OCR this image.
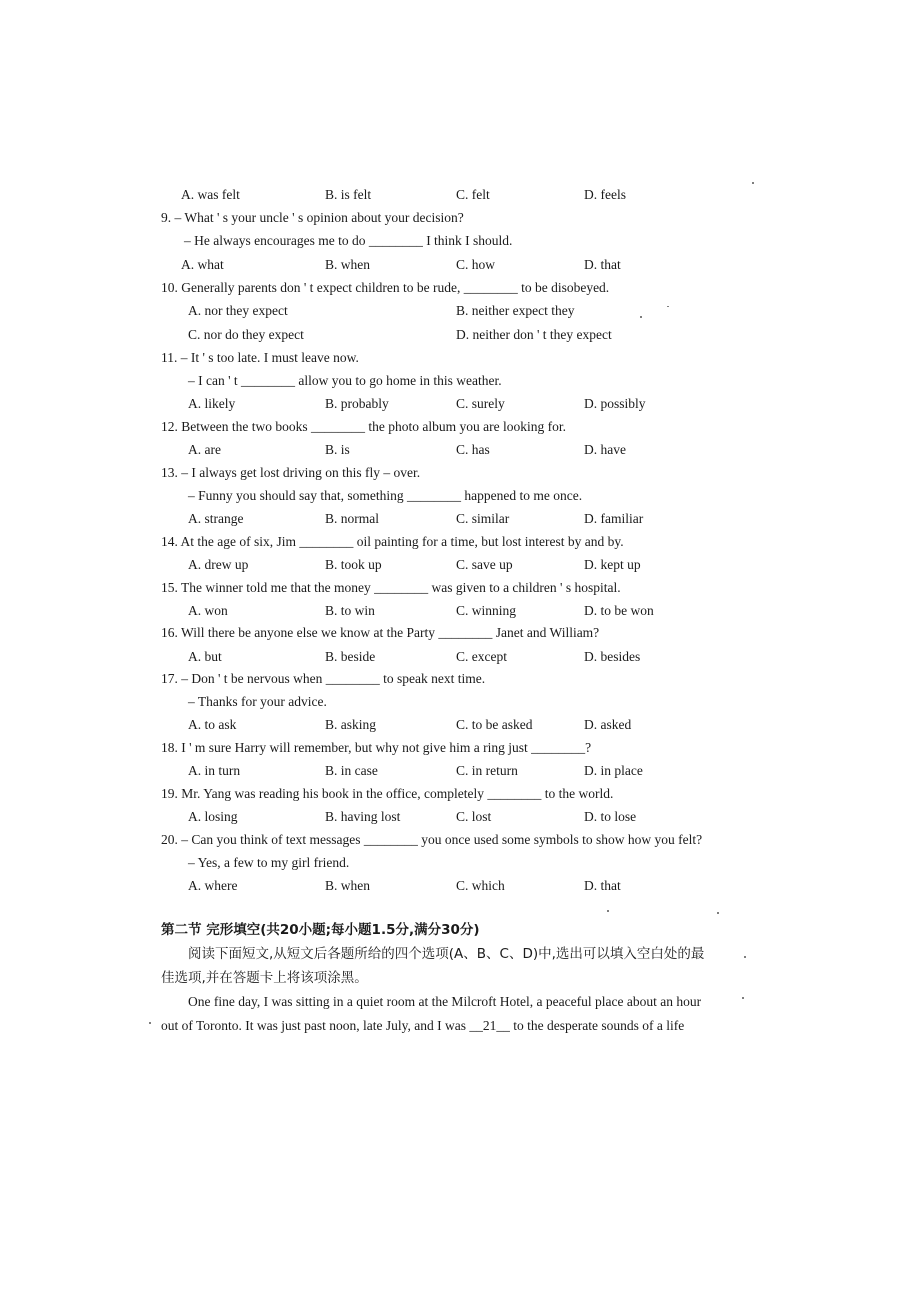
A. was felt	B. is felt	C. felt	D. feels
9. – What ' s your uncle ' s opinion about your decision?
– He always encourages me to do ________ I think I should.
A. what	B. when	C. how	D. that
10. Generally parents don ' t expect children to be rude, ________ to be disobeyed.
A. nor they expect	B. neither expect they
C. nor do they expect	D. neither don ' t they expect
11. – It ' s too late. I must leave now.
– I can ' t ________ allow you to go home in this weather.
A. likely	B. probably	C. surely	D. possibly
12. Between the two books ________ the photo album you are looking for.
A. are	B. is	C. has	D. have
13. – I always get lost driving on this fly – over.
– Funny you should say that, something ________ happened to me once.
A. strange	B. normal	C. similar	D. familiar
14. At the age of six, Jim ________ oil painting for a time, but lost interest by and by.
A. drew up	B. took up	C. save up	D. kept up
15. The winner told me that the money ________ was given to a children ' s hospital.
A. won	B. to win	C. winning	D. to be won
16. Will there be anyone else we know at the Party ________ Janet and William?
A. but	B. beside	C. except	D. besides
17. – Don ' t be nervous when ________ to speak next time.
– Thanks for your advice.
A. to ask	B. asking	C. to be asked	D. asked
18. I ' m sure Harry will remember, but why not give him a ring just ________?
A. in turn	B. in case	C. in return	D. in place
19. Mr. Yang was reading his book in the office, completely ________ to the world.
A. losing	B. having lost	C. lost	D. to lose
20. – Can you think of text messages ________ you once used some symbols to show how you felt?
– Yes, a few to my girl friend.
A. where	B. when	C. which	D. that
第二节 完形填空(共20小题;每小题1.5分,满分30分)
阅读下面短文,从短文后各题所给的四个选项(A、B、C、D)中,选出可以填入空白处的最
佳选项,并在答题卡上将该项涂黑。
One fine day, I was sitting in a quiet room at the Milcroft Hotel, a peaceful place about an hour
out of Toronto. It was just past noon, late July, and I was __21__ to the desperate sounds of a life
